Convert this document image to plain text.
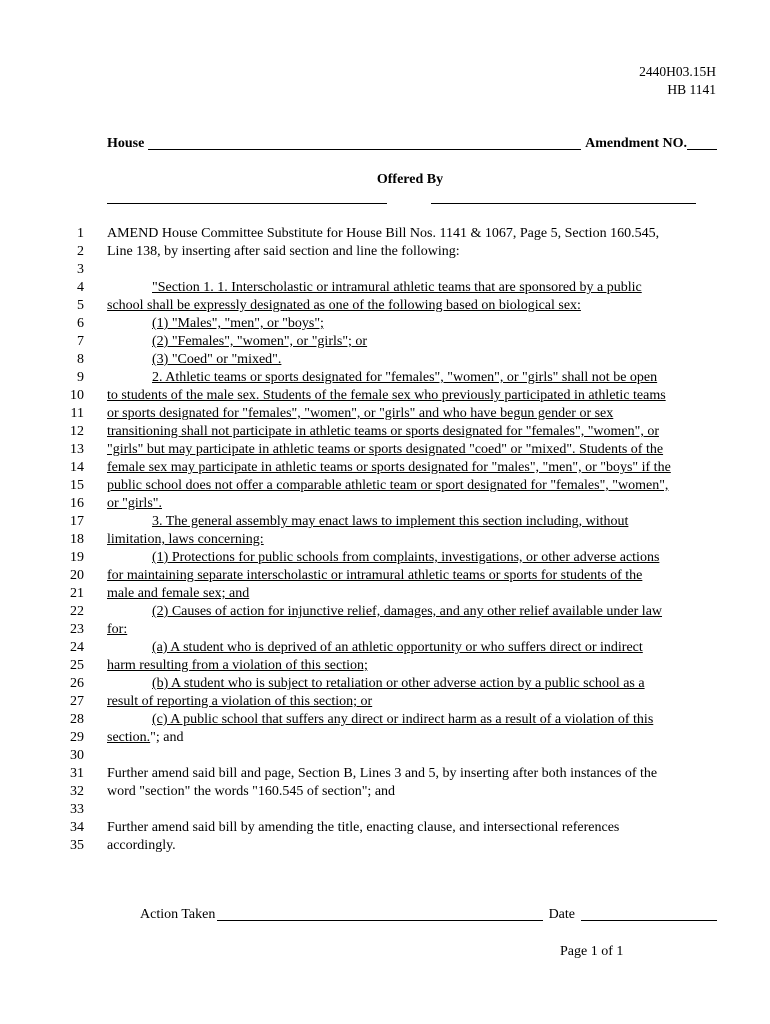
2440H03.15H
HB 1141
House	Amendment NO.
Offered By
1 AMEND House Committee Substitute for House Bill Nos. 1141 & 1067, Page 5, Section 160.545,
2 Line 138, by inserting after said section and line the following:
3
4	"Section 1. 1. Interscholastic or intramural athletic teams that are sponsored by a public
5 school shall be expressly designated as one of the following based on biological sex:
6	(1) "Males", "men", or "boys";
7	(2) "Females", "women", or "girls"; or
8	(3) "Coed" or "mixed".
9	2. Athletic teams or sports designated for "females", "women", or "girls" shall not be open
10 to students of the male sex. Students of the female sex who previously participated in athletic teams
11 or sports designated for "females", "women", or "girls" and who have begun gender or sex
12 transitioning shall not participate in athletic teams or sports designated for "females", "women", or
13 "girls" but may participate in athletic teams or sports designated "coed" or "mixed". Students of the
14 female sex may participate in athletic teams or sports designated for "males", "men", or "boys" if the
15 public school does not offer a comparable athletic team or sport designated for "females", "women",
16 or "girls".
17	3. The general assembly may enact laws to implement this section including, without
18 limitation, laws concerning:
19	(1) Protections for public schools from complaints, investigations, or other adverse actions
20 for maintaining separate interscholastic or intramural athletic teams or sports for students of the
21 male and female sex; and
22	(2) Causes of action for injunctive relief, damages, and any other relief available under law
23 for:
24	(a) A student who is deprived of an athletic opportunity or who suffers direct or indirect
25 harm resulting from a violation of this section;
26	(b) A student who is subject to retaliation or other adverse action by a public school as a
27 result of reporting a violation of this section; or
28	(c) A public school that suffers any direct or indirect harm as a result of a violation of this
29 section."; and
30
31 Further amend said bill and page, Section B, Lines 3 and 5, by inserting after both instances of the
32 word "section" the words "160.545 of section"; and
33
34 Further amend said bill by amending the title, enacting clause, and intersectional references
35 accordingly.
Action Taken	Date
Page 1 of 1
